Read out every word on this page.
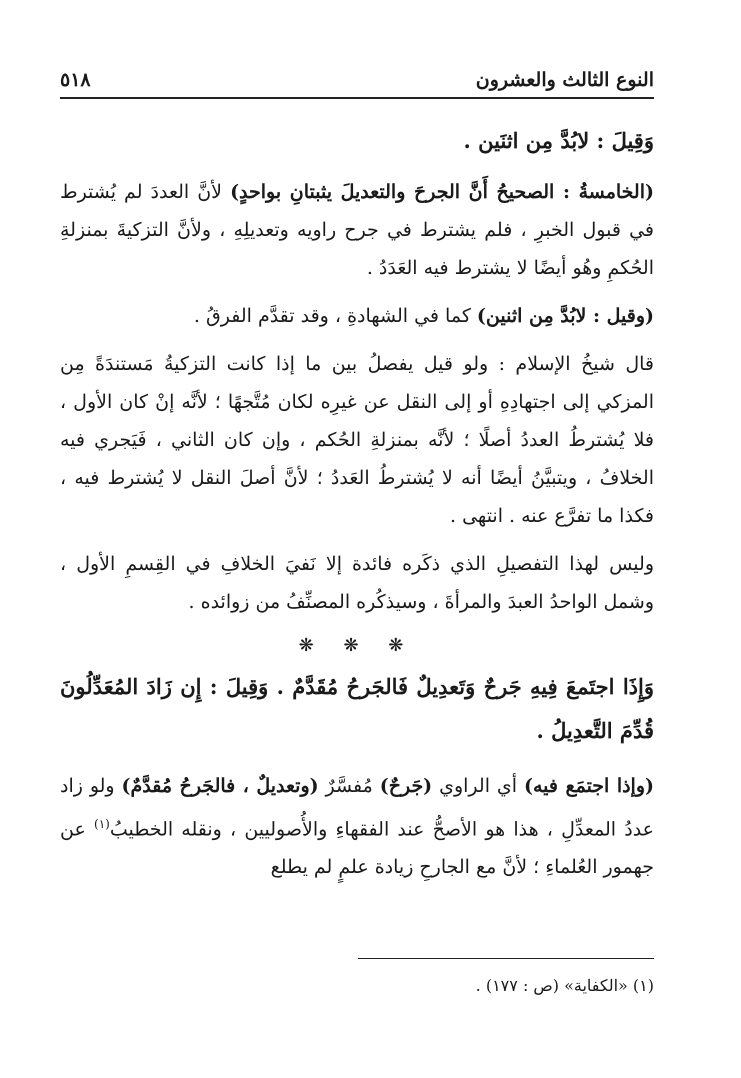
النوع الثالث والعشرون
٥١٨

وَقِيلَ : لابُدَّ مِن اثنَين .

(الخامسةُ : الصحيحُ أَنَّ الجرحَ والتعديلَ يثبتانِ بواحدٍ) لأنَّ العددَ لم يُشترط في قبول الخبرِ ، فلم يشترط في جرح راويه وتعديلِهِ ، ولأنَّ التزكيةَ بمنزلةِ الحُكمِ وهُو أيضًا لا يشترط فيه العَدَدُ .

(وقيل : لابُدَّ مِن اثنين) كما في الشهادةِ ، وقد تقدَّم الفرقُ .

قال شيخُ الإسلام : ولو قيل يفصلُ بين ما إذا كانت التزكيةُ مَستندَةً مِن المزكي إلى اجتهادِهِ أو إلى النقل عن غيرِه لكان مُتَّجهًا ؛ لأنَّه إنْ كان الأول ، فلا يُشترطُ العددُ أصلًا ؛ لأنَّه بمنزلةِ الحُكم ، وإن كان الثاني ، فَيَجري فيه الخلافُ ، ويتبيَّنُ أيضًا أنه لا يُشترطُ العَددُ ؛ لأنَّ أصلَ النقل لا يُشترط فيه ، فكذا ما تفرَّع عنه . انتهى .

وليس لهذا التفصيلِ الذي ذكَره فائدة إلا نَفيَ الخلافِ في القِسمِ الأول ، وشمل الواحدُ العبدَ والمرأةَ ، وسيذكُره المصنِّفُ من زوائده .

❋ ❋ ❋

وَإِذَا اجتَمعَ فِيهِ جَرحٌ وَتَعدِيلٌ فَالجَرحُ مُقَدَّمٌ . وَقِيلَ : إِن زَادَ المُعَدِّلُونَ قُدِّمَ التَّعدِيلُ .

(وإذا اجتمَع فيه) أي الراوي (جَرحٌ) مُفسَّرٌ (وتعديلٌ ، فالجَرحُ مُقدَّمٌ) ولو زاد عددُ المعدِّلِ ، هذا هو الأصحُّ عند الفقهاءِ والأُصوليين ، ونقله الخطيبُ$^{(١)}$ عن جهمور العُلماءِ ؛ لأنَّ مع الجارحِ زيادة علمٍ لم يطلع

(١) «الكفاية» (ص : ١٧٧) .
